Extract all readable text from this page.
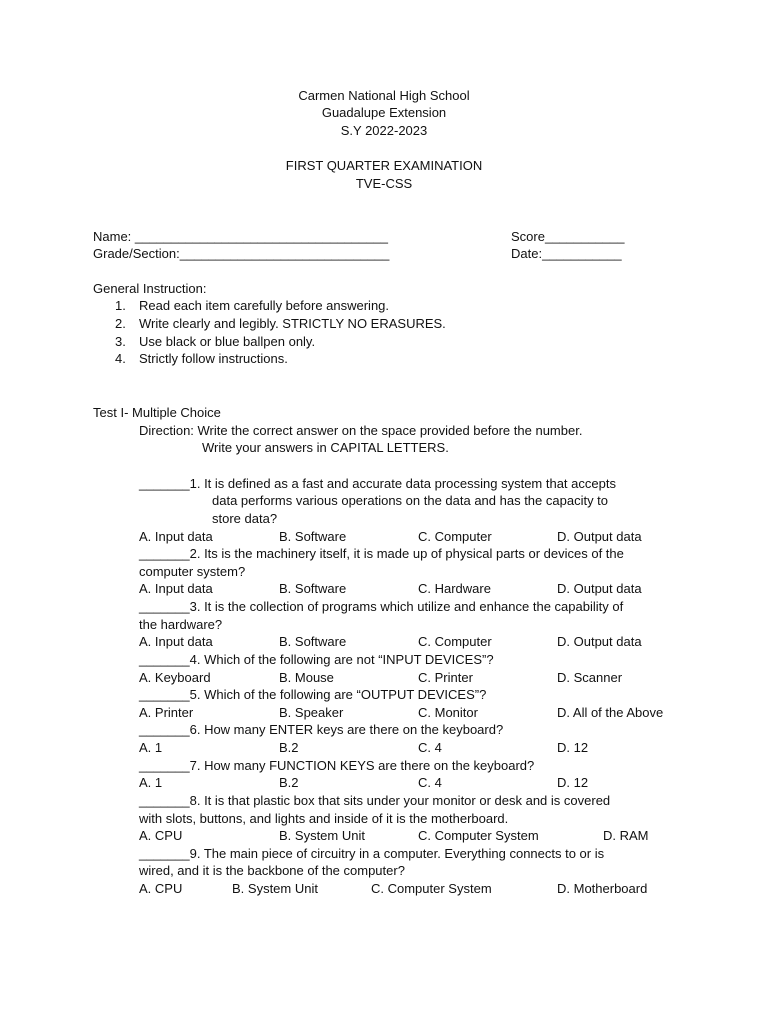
Carmen National High School
Guadalupe Extension
S.Y 2022-2023
FIRST QUARTER EXAMINATION
TVE-CSS
Name: ___________________________________
Grade/Section:_____________________________
Score___________
Date:___________
General Instruction:
1. Read each item carefully before answering.
2. Write clearly and legibly. STRICTLY NO ERASURES.
3. Use black or blue ballpen only.
4. Strictly follow instructions.
Test I- Multiple Choice
Direction: Write the correct answer on the space provided before the number.
Write your answers in CAPITAL LETTERS.
_______1. It is defined as a fast and accurate data processing system that accepts
data performs various operations on the data and has the capacity to
store data?
A. Input data	B. Software	C. Computer	D. Output data
_______2. Its is the machinery itself, it is made up of physical parts or devices of the
computer system?
A. Input data	B. Software	C. Hardware	D. Output data
_______3. It is the collection of programs which utilize and enhance the capability of
the hardware?
A. Input data	B. Software	C. Computer	D. Output data
_______4. Which of the following are not “INPUT DEVICES”?
A. Keyboard	B. Mouse	C. Printer	D. Scanner
_______5. Which of the following are “OUTPUT DEVICES”?
A. Printer	B. Speaker	C. Monitor	D. All of the Above
_______6. How many ENTER keys are there on the keyboard?
A. 1	B.2	C. 4	D. 12
_______7. How many FUNCTION KEYS are there on the keyboard?
A. 1	B.2	C. 4	D. 12
_______8. It is that plastic box that sits under your monitor or desk and is covered
with slots, buttons, and lights and inside of it is the motherboard.
A. CPU	B. System Unit	C. Computer System	D. RAM
_______9. The main piece of circuitry in a computer. Everything connects to or is
wired, and it is the backbone of the computer?
A. CPU	B. System Unit	C. Computer System	D. Motherboard
